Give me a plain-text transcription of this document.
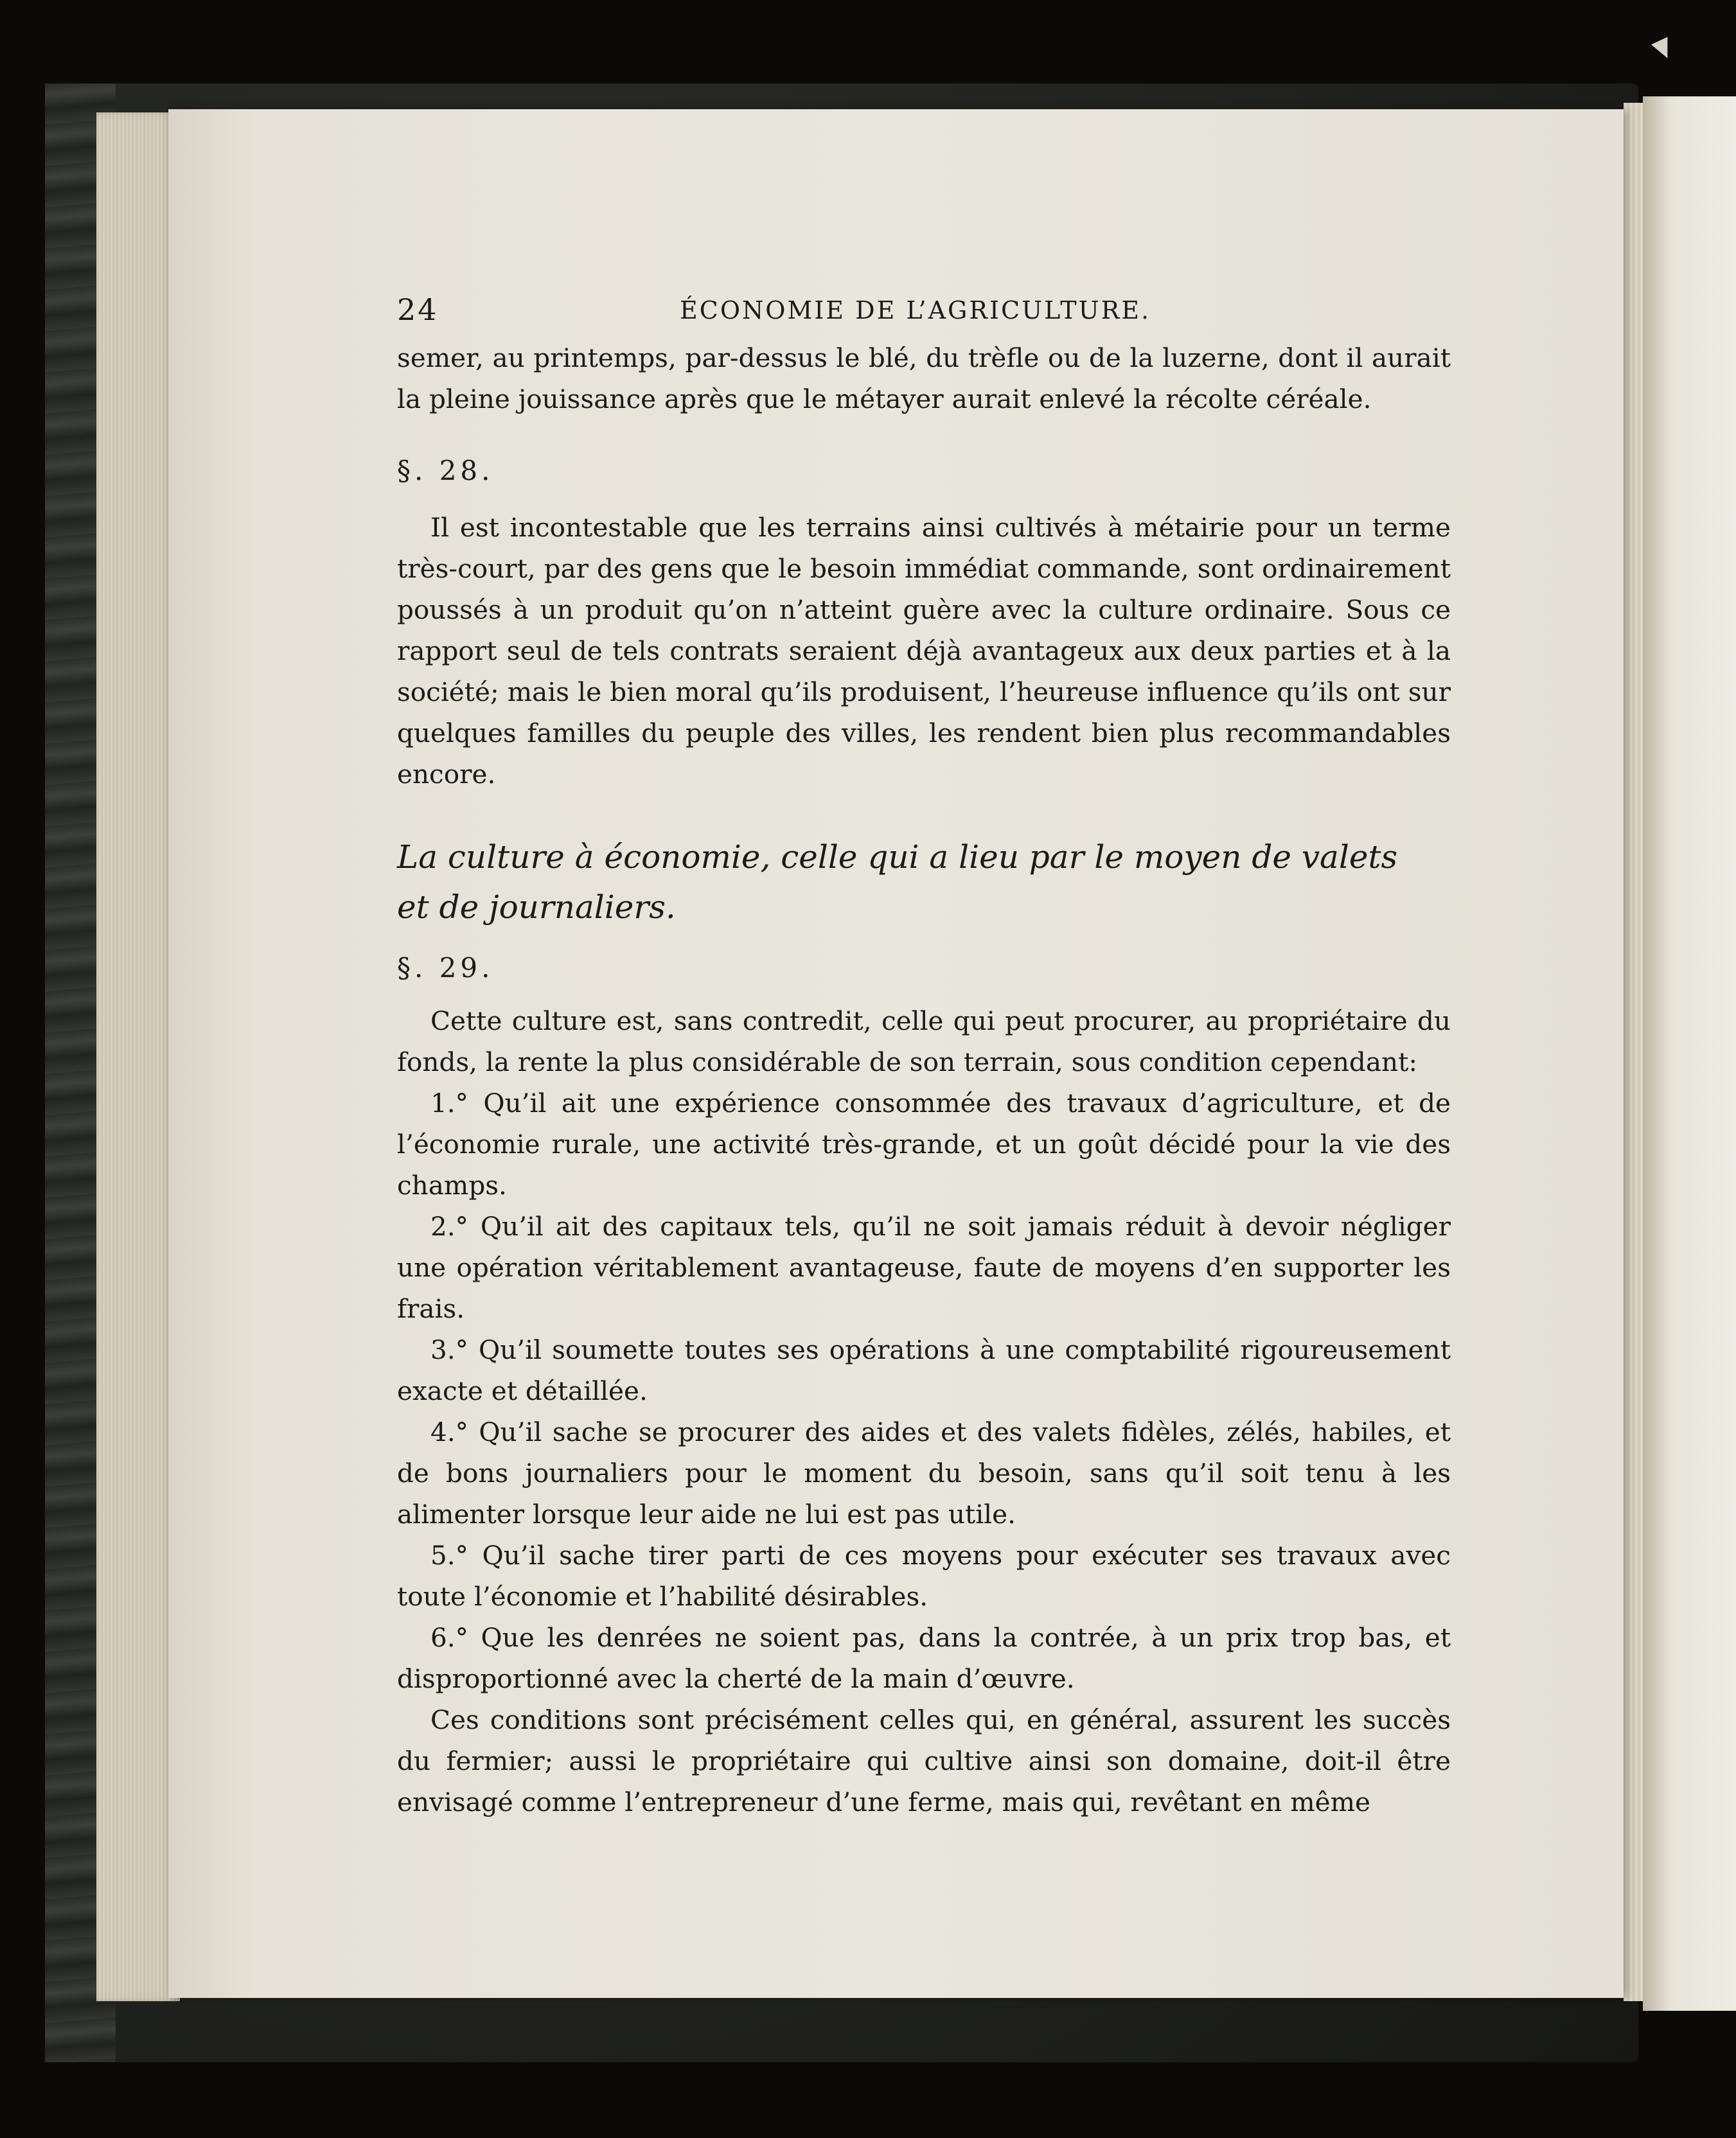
24	ÉCONOMIE DE L’AGRICULTURE.

semer, au printemps, par-dessus le blé, du trèfle ou de la luzerne, dont il aurait la pleine jouissance après que le métayer aurait enlevé la récolte céréale.

§. 28.

Il est incontestable que les terrains ainsi cultivés à métairie pour un terme très-court, par des gens que le besoin immédiat commande, sont ordinairement poussés à un produit qu’on n’atteint guère avec la culture ordinaire. Sous ce rapport seul de tels contrats seraient déjà avantageux aux deux parties et à la société; mais le bien moral qu’ils produisent, l’heureuse influence qu’ils ont sur quelques familles du peuple des villes, les rendent bien plus recommandables encore.

La culture à économie, celle qui a lieu par le moyen de valets
et de journaliers.
§. 29.

Cette culture est, sans contredit, celle qui peut procurer, au propriétaire du fonds, la rente la plus considérable de son terrain, sous condition cependant:

1.° Qu’il ait une expérience consommée des travaux d’agriculture, et de l’économie rurale, une activité très-grande, et un goût décidé pour la vie des champs.

2.° Qu’il ait des capitaux tels, qu’il ne soit jamais réduit à devoir négliger une opération véritablement avantageuse, faute de moyens d’en supporter les frais.

3.° Qu’il soumette toutes ses opérations à une comptabilité rigoureusement exacte et détaillée.

4.° Qu’il sache se procurer des aides et des valets fidèles, zélés, habiles, et de bons journaliers pour le moment du besoin, sans qu’il soit tenu à les alimenter lorsque leur aide ne lui est pas utile.

5.° Qu’il sache tirer parti de ces moyens pour exécuter ses travaux avec toute l’économie et l’habilité désirables.

6.° Que les denrées ne soient pas, dans la contrée, à un prix trop bas, et disproportionné avec la cherté de la main d’œuvre.

Ces conditions sont précisément celles qui, en général, assurent les succès du fermier; aussi le propriétaire qui cultive ainsi son domaine, doit-il être envisagé comme l’entrepreneur d’une ferme, mais qui, revêtant en même
